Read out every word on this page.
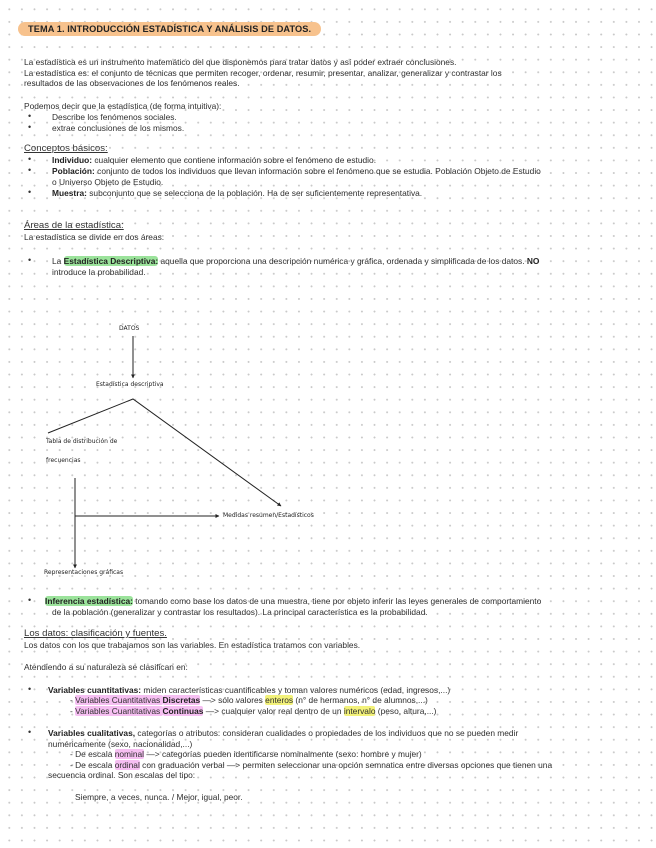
TEMA 1. INTRODUCCIÓN ESTADÍSTICA Y ANÁLISIS DE DATOS.
La estadística es un instrumento matemático del que disponemos para tratar datos y así poder extraer conclusiones.
La estadística es: el conjunto de técnicas que permiten recoger, ordenar, resumir, presentar, analizar, generalizar y contrastar los
resultados de las observaciones de los fenómenos reales.
Podemos decir que la estadística (de forma intuitiva):
• Describe los fenómenos sociales.
• extrae conclusiones de los mismos.
Conceptos básicos:
• Individuo: cualquier elemento que contiene información sobre el fenómeno de estudio.
• Población: conjunto de todos los individuos que llevan información sobre el fenómeno que se estudia. Población Objeto de Estudio
o Universo Objeto de Estudio.
• Muestra: subconjunto que se selecciona de la población. Ha de ser suficientemente representativa.
Áreas de la estadística:
La estadística se divide en dos áreas:
• La Estadística Descriptiva: aquella que proporciona una descripción numérica y gráfica, ordenada y simplificada de los datos. NO
introduce la probabilidad.
DATOS
Estadística descriptiva
Tabla de distribución de
frecuencias
Medidas resumen/Estadísticos
Representaciones gráficas
• Inferencia estadística: tomando como base los datos de una muestra, tiene por objeto inferir las leyes generales de comportamiento
de la población (generalizar y contrastar los resultados). La principal característica es la probabilidad.
Los datos: clasificación y fuentes.
Los datos con los que trabajamos son las variables. En estadística tratamos con variables.
Atendiendo a su naturaleza se clasifican en:
• Variables cuantitativas: miden características cuantificables y toman valores numéricos (edad, ingresos,...)
- Variables Cuantitativas Discretas —> sólo valores enteros (n° de hermanos, n° de alumnos,...)
- Variables Cuantitativas Continuas —> cualquier valor real dentro de un intervalo (peso, altura,...)
• Variables cualitativas, categorías o atributos: consideran cualidades o propiedades de los individuos que no se pueden medir
numéricamente (sexo, nacionalidad,...)
- De escala nominal —> categorías pueden identificarse nominalmente (sexo: hombre y mujer)
- De escala ordinal con graduación verbal —> permiten seleccionar una opción semnatica entre diversas opciones que tienen una
secuencia ordinal. Son escalas del tipo:
Siempre, a veces, nunca. / Mejor, igual, peor.
